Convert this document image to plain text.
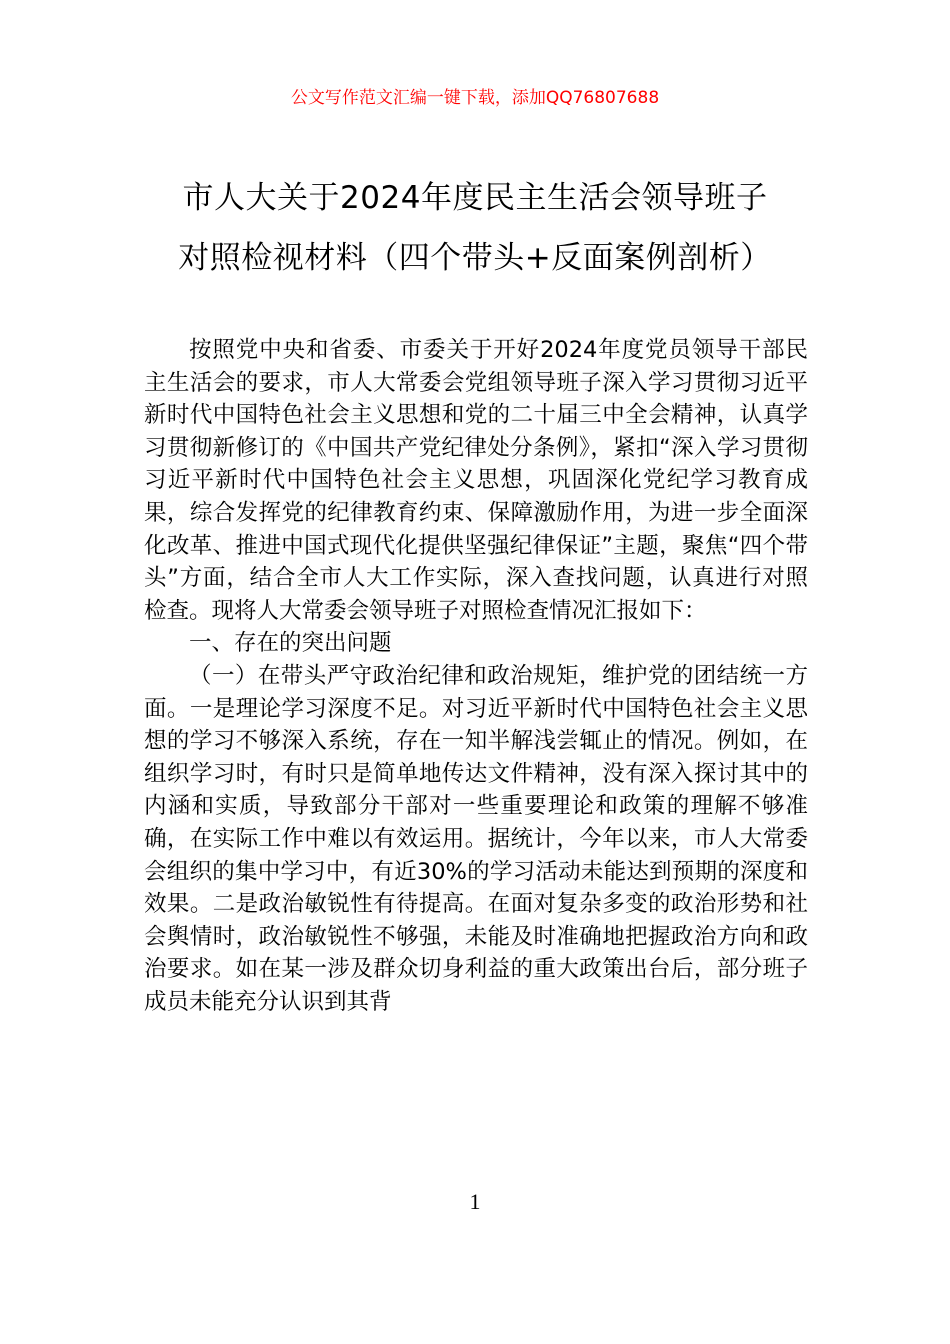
公文写作范文汇编一键下载，添加QQ76807688
市人大关于2024年度民主生活会领导班子
对照检视材料（四个带头+反面案例剖析）

按照党中央和省委、市委关于开好2024年度党员领导干部民主生活会的要求，市人大常委会党组领导班子深入学习贯彻习近平新时代中国特色社会主义思想和党的二十届三中全会精神，认真学习贯彻新修订的《中国共产党纪律处分条例》，紧扣“深入学习贯彻习近平新时代中国特色社会主义思想，巩固深化党纪学习教育成果，综合发挥党的纪律教育约束、保障激励作用，为进一步全面深化改革、推进中国式现代化提供坚强纪律保证”主题，聚焦“四个带头”方面，结合全市人大工作实际，深入查找问题，认真进行对照检查。现将人大常委会领导班子对照检查情况汇报如下：

一、存在的突出问题

（一）在带头严守政治纪律和政治规矩，维护党的团结统一方面。一是理论学习深度不足。对习近平新时代中国特色社会主义思想的学习不够深入系统，存在一知半解浅尝辄止的情况。例如，在组织学习时，有时只是简单地传达文件精神，没有深入探讨其中的内涵和实质，导致部分干部对一些重要理论和政策的理解不够准确，在实际工作中难以有效运用。据统计，今年以来，市人大常委会组织的集中学习中，有近30%的学习活动未能达到预期的深度和效果。二是政治敏锐性有待提高。在面对复杂多变的政治形势和社会舆情时，政治敏锐性不够强，未能及时准确地把握政治方向和政治要求。如在某一涉及群众切身利益的重大政策出台后，部分班子成员未能充分认识到其背

1
